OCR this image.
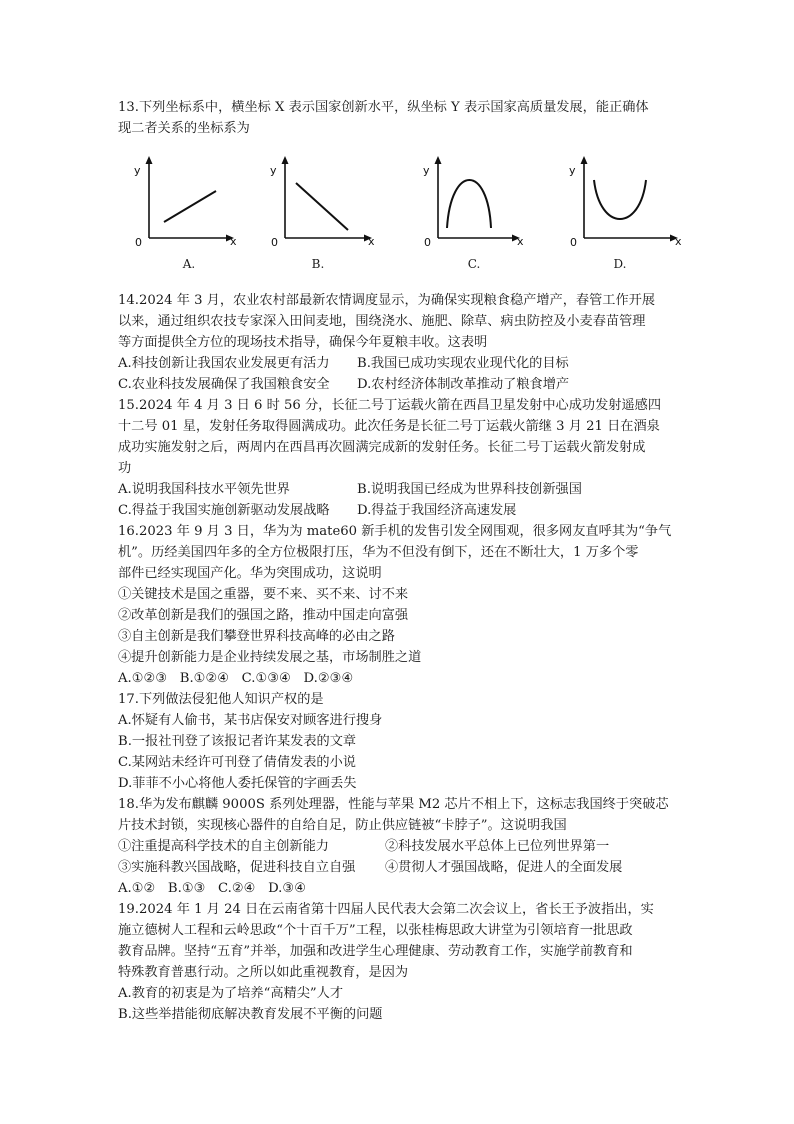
13.下列坐标系中，横坐标 X 表示国家创新水平，纵坐标 Y 表示国家高质量发展，能正确体
现二者关系的坐标系为
y
x
0
A.
y
x
0
B.
y
x
0
C.
y
x
0
D.
14.2024 年 3 月，农业农村部最新农情调度显示，为确保实现粮食稳产增产，春管工作开展
以来，通过组织农技专家深入田间麦地，围绕浇水、施肥、除草、病虫防控及小麦春苗管理
等方面提供全方位的现场技术指导，确保今年夏粮丰收。这表明
A.科技创新让我国农业发展更有活力 B.我国已成功实现农业现代化的目标
C.农业科技发展确保了我国粮食安全 D.农村经济体制改革推动了粮食增产
15.2024 年 4 月 3 日 6 时 56 分，长征二号丁运载火箭在西昌卫星发射中心成功发射遥感四
十二号 01 星，发射任务取得圆满成功。此次任务是长征二号丁运载火箭继 3 月 21 日在酒泉
成功实施发射之后，两周内在西昌再次圆满完成新的发射任务。长征二号丁运载火箭发射成
功
A.说明我国科技水平领先世界	B.说明我国已经成为世界科技创新强国
C.得益于我国实施创新驱动发展战略 D.得益于我国经济高速发展
16.2023 年 9 月 3 日，华为为 mate60 新手机的发售引发全网围观，很多网友直呼其为“争气
机”。历经美国四年多的全方位极限打压，华为不但没有倒下，还在不断壮大，1 万多个零
部件已经实现国产化。华为突围成功，这说明
①关键技术是国之重器，要不来、买不来、讨不来
②改革创新是我们的强国之路，推动中国走向富强
③自主创新是我们攀登世界科技高峰的必由之路
④提升创新能力是企业持续发展之基，市场制胜之道
A.①②③   B.①②④   C.①③④   D.②③④
17.下列做法侵犯他人知识产权的是
A.怀疑有人偷书，某书店保安对顾客进行搜身
B.一报社刊登了该报记者许某发表的文章
C.某网站未经许可刊登了倩倩发表的小说
D.菲菲不小心将他人委托保管的字画丢失
18.华为发布麒麟 9000S 系列处理器，性能与苹果 M2 芯片不相上下，这标志我国终于突破芯
片技术封锁，实现核心器件的自给自足，防止供应链被“卡脖子”。这说明我国
①注重提高科学技术的自主创新能力	②科技发展水平总体上已位列世界第一
③实施科教兴国战略，促进科技自立自强 ④贯彻人才强国战略，促进人的全面发展
A.①②   B.①③   C.②④   D.③④
19.2024 年 1 月 24 日在云南省第十四届人民代表大会第二次会议上，省长王予波指出，实
施立德树人工程和云岭思政“个十百千万”工程，以张桂梅思政大讲堂为引领培育一批思政
教育品牌。坚持“五育”并举，加强和改进学生心理健康、劳动教育工作，实施学前教育和
特殊教育普惠行动。之所以如此重视教育，是因为
A.教育的初衷是为了培养“高精尖”人才
B.这些举措能彻底解决教育发展不平衡的问题
